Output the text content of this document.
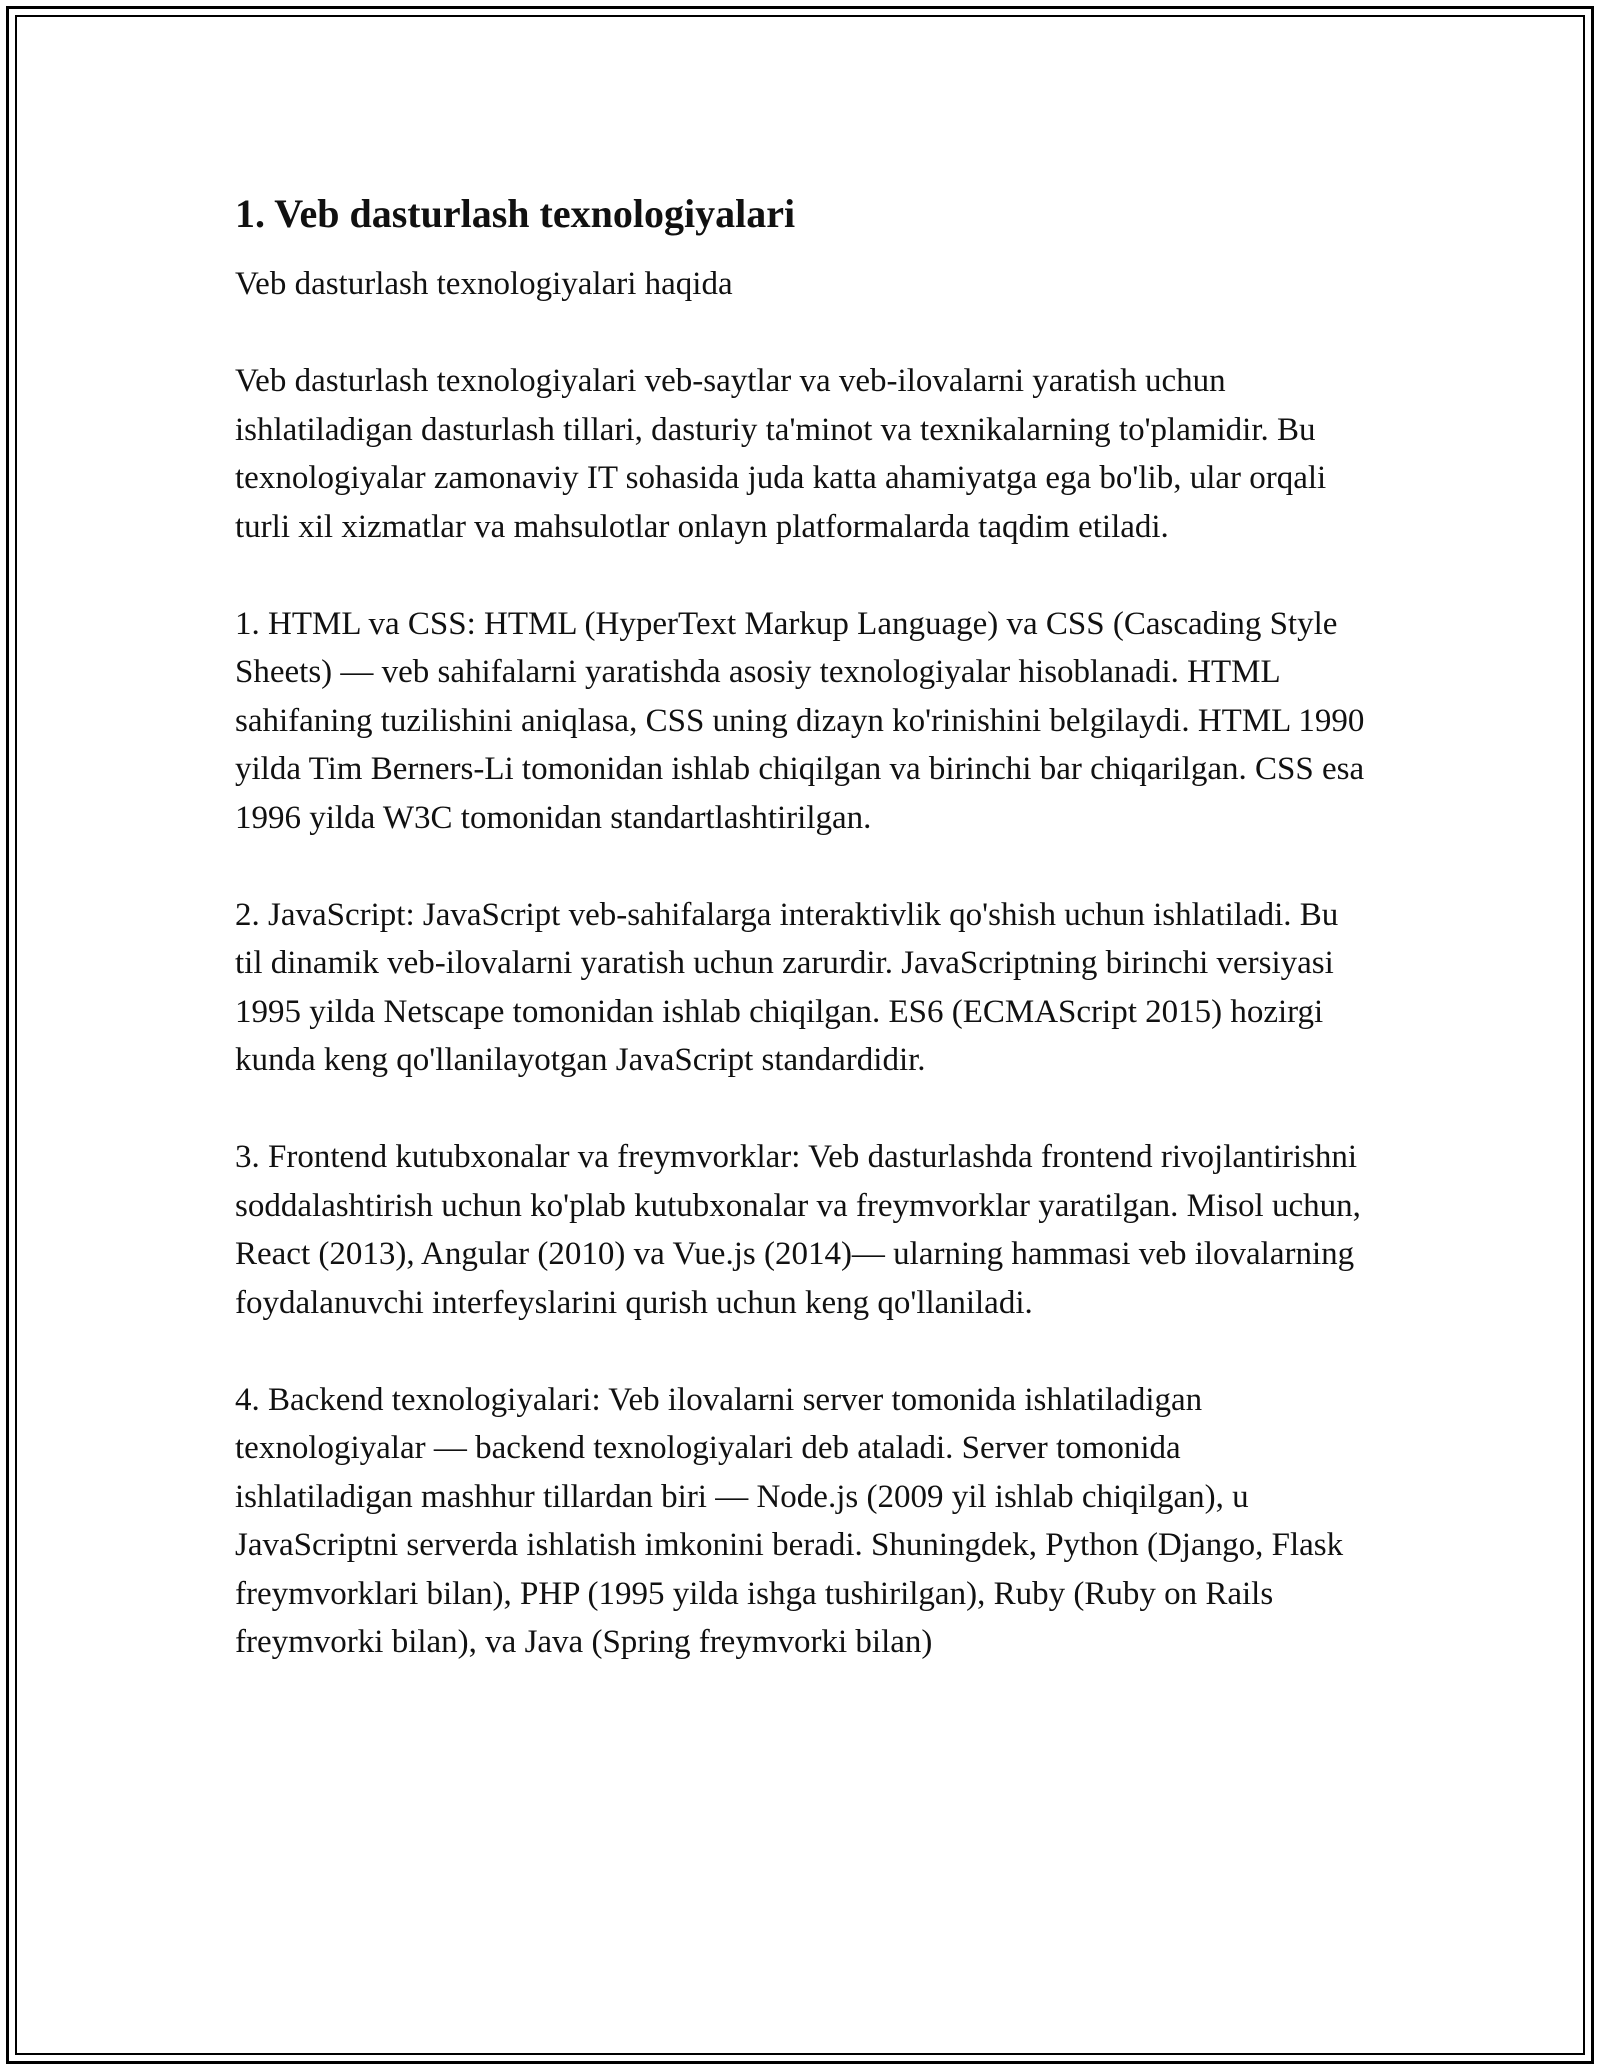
1. Veb dasturlash texnologiyalari

Veb dasturlash texnologiyalari haqida

Veb dasturlash texnologiyalari veb-saytlar va veb-ilovalarni yaratish uchun ishlatiladigan dasturlash tillari, dasturiy ta'minot va texnikalarning to'plamidir. Bu texnologiyalar zamonaviy IT sohasida juda katta ahamiyatga ega bo'lib, ular orqali turli xil xizmatlar va mahsulotlar onlayn platformalarda taqdim etiladi.

1. HTML va CSS: HTML (HyperText Markup Language) va CSS (Cascading Style Sheets) — veb sahifalarni yaratishda asosiy texnologiyalar hisoblanadi. HTML sahifaning tuzilishini aniqlasa, CSS uning dizayn ko'rinishini belgilaydi. HTML 1990 yilda Tim Berners-Li tomonidan ishlab chiqilgan va birinchi bar chiqarilgan. CSS esa 1996 yilda W3C tomonidan standartlashtirilgan.

2. JavaScript: JavaScript veb-sahifalarga interaktivlik qo'shish uchun ishlatiladi. Bu til dinamik veb-ilovalarni yaratish uchun zarurdir. JavaScriptning birinchi versiyasi 1995 yilda Netscape tomonidan ishlab chiqilgan. ES6 (ECMAScript 2015) hozirgi kunda keng qo'llanilayotgan JavaScript standardidir.

3. Frontend kutubxonalar va freymvorklar: Veb dasturlashda frontend rivojlantirishni soddalashtirish uchun ko'plab kutubxonalar va freymvorklar yaratilgan. Misol uchun, React (2013), Angular (2010) va Vue.js (2014)— ularning hammasi veb ilovalarning foydalanuvchi interfeyslarini qurish uchun keng qo'llaniladi.

4. Backend texnologiyalari: Veb ilovalarni server tomonida ishlatiladigan texnologiyalar — backend texnologiyalari deb ataladi. Server tomonida ishlatiladigan mashhur tillardan biri — Node.js (2009 yil ishlab chiqilgan), u JavaScriptni serverda ishlatish imkonini beradi. Shuningdek, Python (Django, Flask freymvorklari bilan), PHP (1995 yilda ishga tushirilgan), Ruby (Ruby on Rails freymvorki bilan), va Java (Spring freymvorki bilan)
